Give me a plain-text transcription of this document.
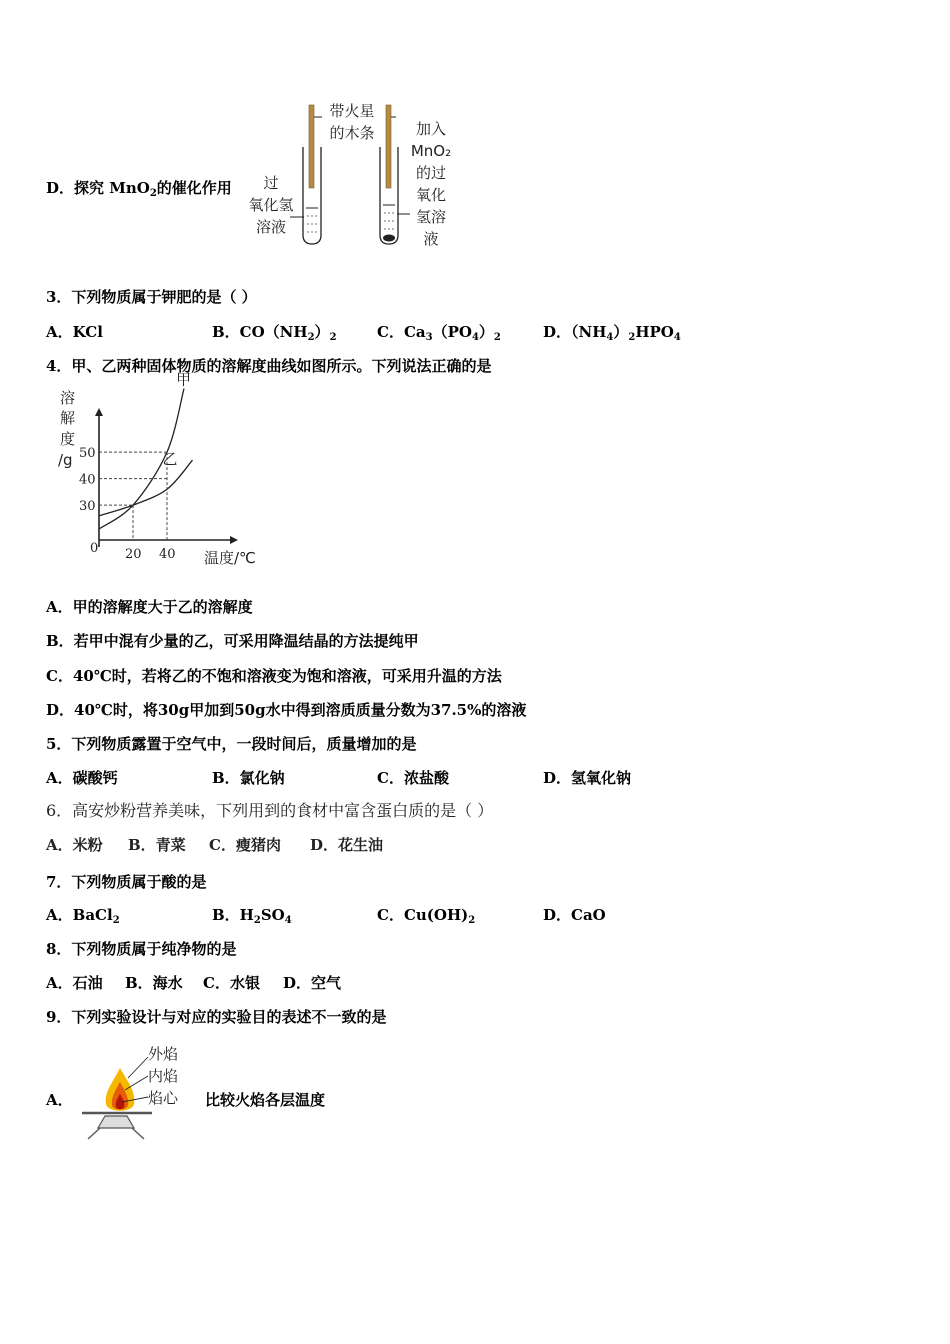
D．探究 MnO$_2$的催化作用
带火星
的木条
过
氧化氢
溶液
加入
MnO₂
的过
氧化
氢溶
液
3．下列物质属于钾肥的是（ ）
A．KCl	B．$CO(NH_2)_2$	C．$Ca_3(PO_4)_2$	D．$(NH_4)_2HPO_4$
4．甲、乙两种固体物质的溶解度曲线如图所示。下列说法正确的是
溶
解
度
/g
0
温度/℃
甲
乙
30
40
50
20 40
A．甲的溶解度大于乙的溶解度
B．若甲中混有少量的乙，可采用降温结晶的方法提纯甲
C．40℃时，若将乙的不饱和溶液变为饱和溶液，可采用升温的方法
D．40℃时，将30g甲加到50g水中得到溶质质量分数为37.5%的溶液
5．下列物质露置于空气中，一段时间后，质量增加的是
A．碳酸钙	B．氯化钠	C．浓盐酸	D．氢氧化钠
6．高安炒粉营养美味，下列用到的食材中富含蛋白质的是（ ）
A．米粉 B．青菜 C．瘦猪肉 D．花生油
7．下列物质属于酸的是
A．BaCl$_2$	B．$H_2SO_4$	C．$Cu(OH)_2$	D．CaO
8．下列物质属于纯净物的是
A．石油 B．海水 C．水银 D．空气
9．下列实验设计与对应的实验目的表述不一致的是
A．
外焰
内焰
焰心 比较火焰各层温度
